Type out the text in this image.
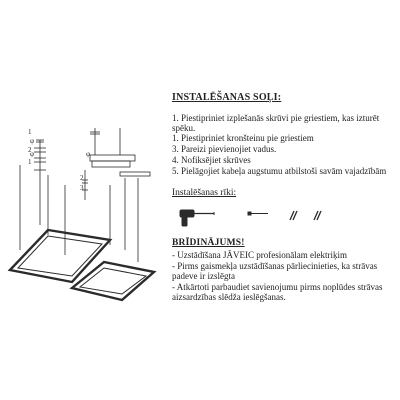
1
2
1
2
3
φ
φ	φ
INSTALĒŠANAS SOĻI:
1. Piestipriniet izplešanās skrūvi pie griestiem, kas izturēt
spēku.
1. Piestipriniet kronšteinu pie griestiem
3. Pareizi pievienojiet vadus.
4. Nofiksējiet skrūves
5. Pielāgojiet kabeļa augstumu atbilstoši savām vajadzībām
Instalēšanas rīki:
BRĪDINĀJUMS!
- Uzstādīšana JĀVEIC profesionālam elektriķim
- Pirms gaismekļa uzstādīšanas pārliecinieties, ka strāvas
padeve ir izslēgta
- Atkārtoti parbaudiet savienojumu pirms noplūdes strāvas
aizsardzības slēdža ieslēgšanas.
